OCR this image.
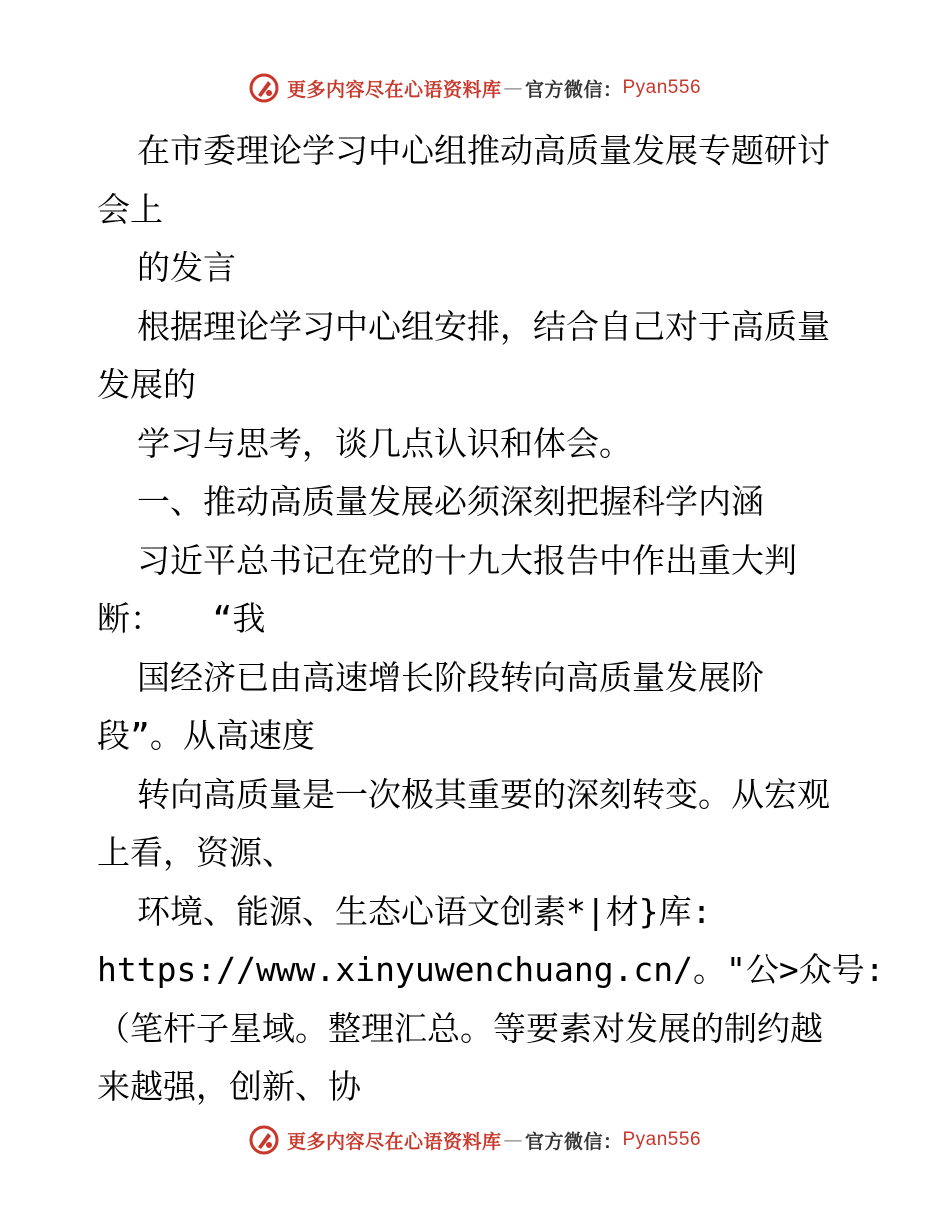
更多内容尽在心语资料库 — 官方微信： Pyan556
在市委理论学习中心组推动高质量发展专题研讨
会上
的发言
根据理论学习中心组安排，结合自己对于高质量
发展的
学习与思考，谈几点认识和体会。
一、推动高质量发展必须深刻把握科学内涵
习近平总书记在党的十九大报告中作出重大判
断：　　“我
国经济已由高速增长阶段转向高质量发展阶
段”。从高速度
转向高质量是一次极其重要的深刻转变。从宏观
上看，资源、
环境、能源、生态心语文创素*|材}库:
https://www.xinyuwenchuang.cn/。"公>众号:
（笔杆子星域。整理汇总。等要素对发展的制约越
来越强，创新、协
更多内容尽在心语资料库 — 官方微信： Pyan556
